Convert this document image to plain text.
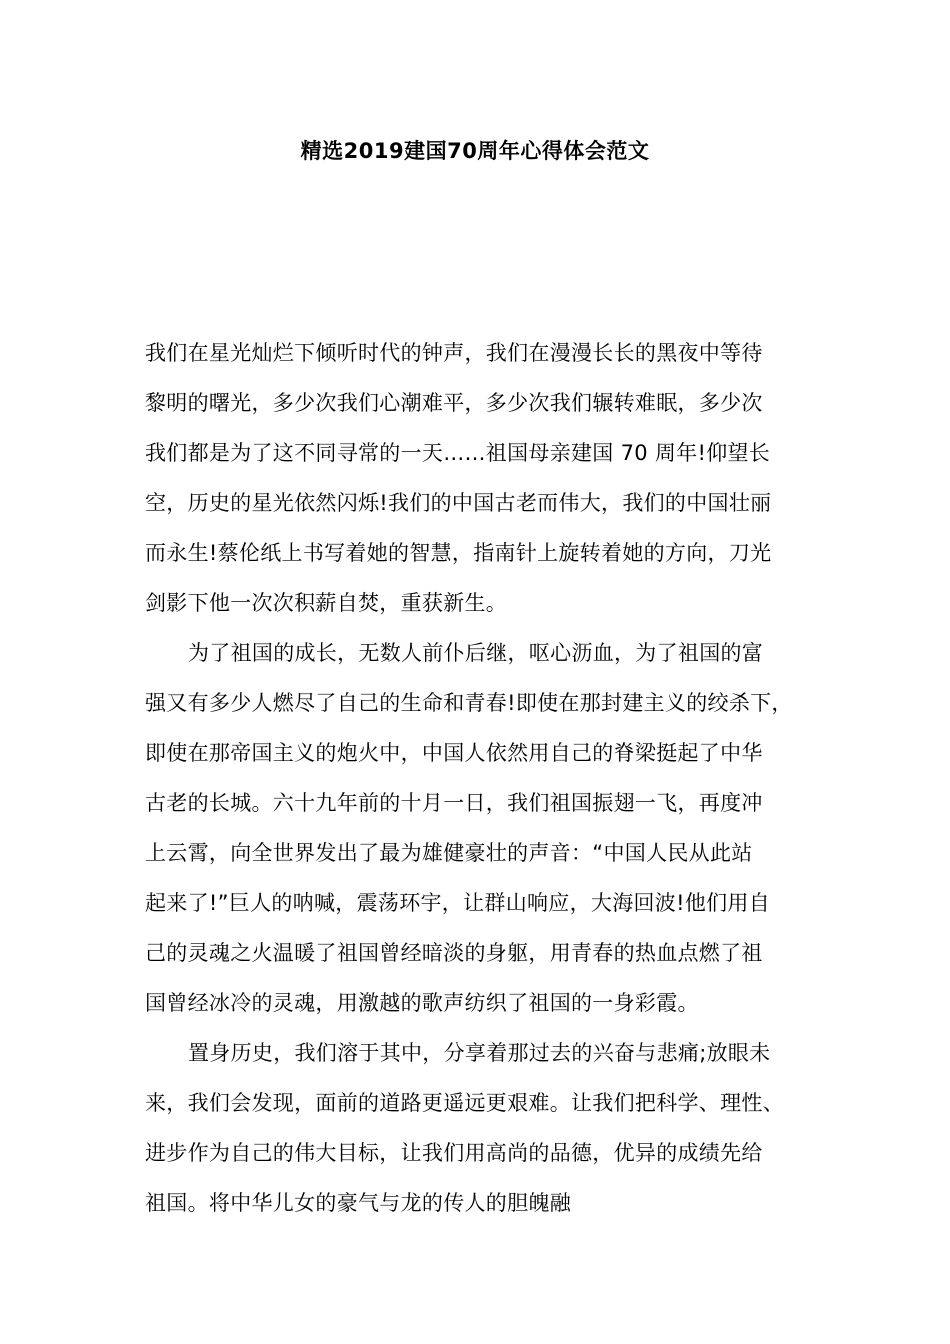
精选2019建国70周年心得体会范文
我们在星光灿烂下倾听时代的钟声，我们在漫漫长长的黑夜中等待
黎明的曙光，多少次我们心潮难平，多少次我们辗转难眠，多少次
我们都是为了这不同寻常的一天……祖国母亲建国 70 周年!仰望长
空，历史的星光依然闪烁!我们的中国古老而伟大，我们的中国壮丽
而永生!蔡伦纸上书写着她的智慧，指南针上旋转着她的方向，刀光
剑影下他一次次积薪自焚，重获新生。
为了祖国的成长，无数人前仆后继，呕心沥血，为了祖国的富
强又有多少人燃尽了自己的生命和青春!即使在那封建主义的绞杀下，
即使在那帝国主义的炮火中，中国人依然用自己的脊梁挺起了中华
古老的长城。六十九年前的十月一日，我们祖国振翅一飞，再度冲
上云霄，向全世界发出了最为雄健豪壮的声音：“中国人民从此站
起来了!”巨人的呐喊，震荡环宇，让群山响应，大海回波!他们用自
己的灵魂之火温暖了祖国曾经暗淡的身躯，用青春的热血点燃了祖
国曾经冰冷的灵魂，用激越的歌声纺织了祖国的一身彩霞。
置身历史，我们溶于其中，分享着那过去的兴奋与悲痛;放眼未
来，我们会发现，面前的道路更遥远更艰难。让我们把科学、理性、
进步作为自己的伟大目标，让我们用高尚的品德，优异的成绩先给
祖国。将中华儿女的豪气与龙的传人的胆魄融
